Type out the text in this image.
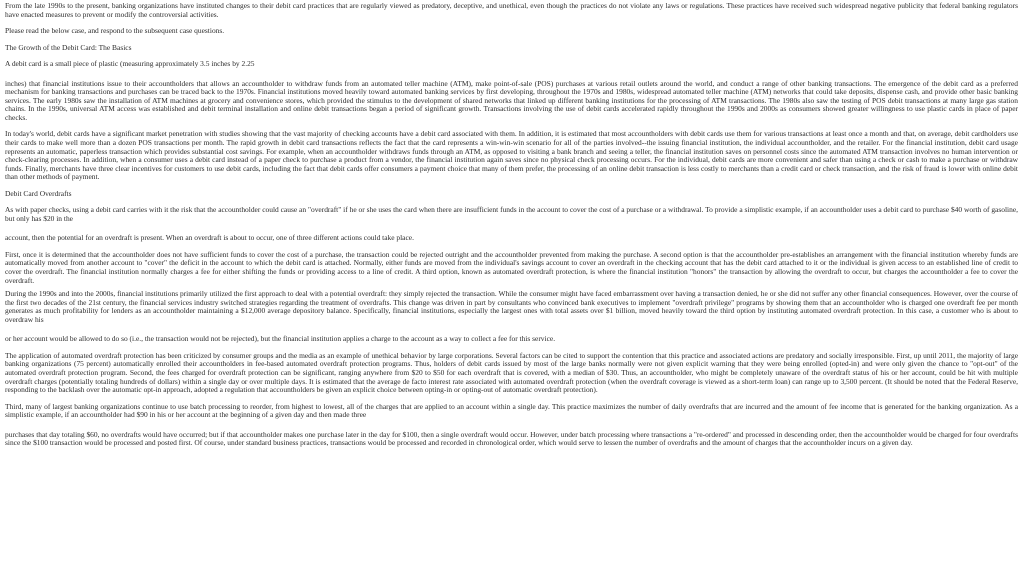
From the late 1990s to the present, banking organizations have instituted changes to their debit card practices that are regularly viewed as predatory, deceptive, and unethical, even though the practices do not violate any laws or regulations. These practices have received such widespread negative publicity that federal banking regulators have enacted measures to prevent or modify the controversial activities.

Please read the below case, and respond to the subsequent case questions.

The Growth of the Debit Card: The Basics

A debit card is a small piece of plastic (measuring approximately 3.5 inches by 2.25

inches) that financial institutions issue to their accountholders that allows an accountholder to withdraw funds from an automated teller machine (ATM), make point-of-sale (POS) purchases at various retail outlets around the world, and conduct a range of other banking transactions. The emergence of the debit card as a preferred mechanism for banking transactions and purchases can be traced back to the 1970s. Financial institutions moved heavily toward automated banking services by first developing, throughout the 1970s and 1980s, widespread automated teller machine (ATM) networks that could take deposits, dispense cash, and provide other basic banking services. The early 1980s saw the installation of ATM machines at grocery and convenience stores, which provided the stimulus to the development of shared networks that linked up different banking institutions for the processing of ATM transactions. The 1980s also saw the testing of POS debit transactions at many large gas station chains. In the 1990s, universal ATM access was established and debit terminal installation and online debit transactions began a period of significant growth. Transactions involving the use of debit cards accelerated rapidly throughout the 1990s and 2000s as consumers showed greater willingness to use plastic cards in place of paper checks.

In today's world, debit cards have a significant market penetration with studies showing that the vast majority of checking accounts have a debit card associated with them. In addition, it is estimated that most accountholders with debit cards use them for various transactions at least once a month and that, on average, debit cardholders use their cards to make well more than a dozen POS transactions per month. The rapid growth in debit card transactions reflects the fact that the card represents a win-win-win scenario for all of the parties involved--the issuing financial institution, the individual accountholder, and the retailer. For the financial institution, debit card usage represents an automatic, paperless transaction which provides substantial cost savings. For example, when an accountholder withdraws funds through an ATM, as opposed to visiting a bank branch and seeing a teller, the financial institution saves on personnel costs since the automated ATM transaction involves no human intervention or check-clearing processes. In addition, when a consumer uses a debit card instead of a paper check to purchase a product from a vendor, the financial institution again saves since no physical check processing occurs. For the individual, debit cards are more convenient and safer than using a check or cash to make a purchase or withdraw funds. Finally, merchants have three clear incentives for customers to use debit cards, including the fact that debit cards offer consumers a payment choice that many of them prefer, the processing of an online debit transaction is less costly to merchants than a credit card or check transaction, and the risk of fraud is lower with online debit than other methods of payment.

Debit Card Overdrafts

As with paper checks, using a debit card carries with it the risk that the accountholder could cause an "overdraft" if he or she uses the card when there are insufficient funds in the account to cover the cost of a purchase or a withdrawal. To provide a simplistic example, if an accountholder uses a debit card to purchase $40 worth of gasoline, but only has $20 in the

account, then the potential for an overdraft is present. When an overdraft is about to occur, one of three different actions could take place.

First, once it is determined that the accountholder does not have sufficient funds to cover the cost of a purchase, the transaction could be rejected outright and the accountholder prevented from making the purchase. A second option is that the accountholder pre-establishes an arrangement with the financial institution whereby funds are automatically moved from another account to "cover" the deficit in the account to which the debit card is attached. Normally, either funds are moved from the individual's savings account to cover an overdraft in the checking account that has the debit card attached to it or the individual is given access to an established line of credit to cover the overdraft. The financial institution normally charges a fee for either shifting the funds or providing access to a line of credit. A third option, known as automated overdraft protection, is where the financial institution "honors" the transaction by allowing the overdraft to occur, but charges the accountholder a fee to cover the overdraft.

During the 1990s and into the 2000s, financial institutions primarily utilized the first approach to deal with a potential overdraft: they simply rejected the transaction. While the consumer might have faced embarrassment over having a transaction denied, he or she did not suffer any other financial consequences. However, over the course of the first two decades of the 21st century, the financial services industry switched strategies regarding the treatment of overdrafts. This change was driven in part by consultants who convinced bank executives to implement "overdraft privilege" programs by showing them that an accountholder who is charged one overdraft fee per month generates as much profitability for lenders as an accountholder maintaining a $12,000 average depository balance. Specifically, financial institutions, especially the largest ones with total assets over $1 billion, moved heavily toward the third option by instituting automated overdraft protection. In this case, a customer who is about to overdraw his

or her account would be allowed to do so (i.e., the transaction would not be rejected), but the financial institution applies a charge to the account as a way to collect a fee for this service.

The application of automated overdraft protection has been criticized by consumer groups and the media as an example of unethical behavior by large corporations. Several factors can be cited to support the contention that this practice and associated actions are predatory and socially irresponsible. First, up until 2011, the majority of large banking organizations (75 percent) automatically enrolled their accountholders in fee-based automated overdraft protection programs. Thus, holders of debit cards issued by most of the large banks normally were not given explicit warning that they were being enrolled (opted-in) and were only given the chance to "opt-out" of the automated overdraft protection program. Second, the fees charged for overdraft protection can be significant, ranging anywhere from $20 to $50 for each overdraft that is covered, with a median of $30. Thus, an accountholder, who might be completely unaware of the overdraft status of his or her account, could be hit with multiple overdraft charges (potentially totaling hundreds of dollars) within a single day or over multiple days. It is estimated that the average de facto interest rate associated with automated overdraft protection (when the overdraft coverage is viewed as a short-term loan) can range up to 3,500 percent. (It should be noted that the Federal Reserve, responding to the backlash over the automatic opt-in approach, adopted a regulation that accountholders be given an explicit choice between opting-in or opting-out of automatic overdraft protection).

Third, many of largest banking organizations continue to use batch processing to reorder, from highest to lowest, all of the charges that are applied to an account within a single day. This practice maximizes the number of daily overdrafts that are incurred and the amount of fee income that is generated for the banking organization. As a simplistic example, if an accountholder had $90 in his or her account at the beginning of a given day and then made three

purchases that day totaling $60, no overdrafts would have occurred; but if that accountholder makes one purchase later in the day for $100, then a single overdraft would occur. However, under batch processing where transactions a "re-ordered" and processed in descending order, then the accountholder would be charged for four overdrafts since the $100 transaction would be processed and posted first. Of course, under standard business practices, transactions would be processed and recorded in chronological order, which would serve to lessen the number of overdrafts and the amount of charges that the accountholder incurs on a given day.
